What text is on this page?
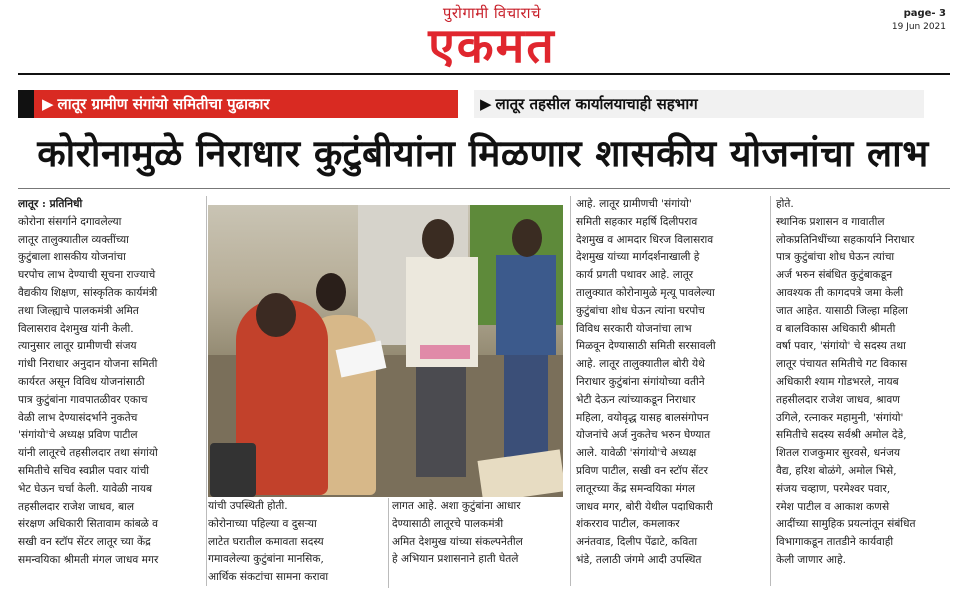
पुरोगामी विचाराचे
एकमत
page- 3
19 Jun 2021
▶ लातूर ग्रामीण संगांयो समितीचा पुढाकार	▶ लातूर तहसील कार्यालयाचाही सहभाग
कोरोनामुळे निराधार कुटुंबीयांना मिळणार शासकीय योजनांचा लाभ
लातूर : प्रतिनिधी
कोरोना संसर्गाने दगावलेल्या
लातूर तालुक्यातील व्यक्तींच्या
कुटुंबाला शासकीय योजनांचा
घरपोच लाभ देण्याची सूचना राज्याचे
वैद्यकीय शिक्षण, सांस्कृतिक कार्यमंत्री
तथा जिल्ह्याचे पालकमंत्री अमित
विलासराव देशमुख यांनी केली.
त्यानुसार लातूर ग्रामीणची संजय
गांधी निराधार अनुदान योजना समिती
कार्यरत असून विविध योजनांसाठी
पात्र कुटुंबांना गावपातळीवर एकाच
वेळी लाभ देण्यासंदर्भाने नुकतेच
'संगांयो'चे अध्यक्ष प्रविण पाटील
यांनी लातूरचे तहसीलदार तथा संगांयो
समितीचे सचिव स्वप्नील पवार यांची
भेट घेऊन चर्चा केली. यावेळी नायब
तहसीलदार राजेश जाधव, बाल
संरक्षण अधिकारी सितावाम कांबळे व
सखी वन स्टॉप सेंटर लातूर च्या केंद्र
समन्वयिका श्रीमती मंगल जाधव मगर
यांची उपस्थिती होती.
कोरोनाच्या पहिल्या व दुसऱ्या
लाटेत घरातील कमावता सदस्य
गमावलेल्या कुटुंबांना मानसिक,
आर्थिक संकटांचा सामना करावा
लागत आहे. अशा कुटुंबांना आधार
देण्यासाठी लातूरचे पालकमंत्री
अमित देशमुख यांच्या संकल्पनेतील
हे अभियान प्रशासनाने हाती घेतले
आहे. लातूर ग्रामीणची 'संगांयो'
समिती सहकार महर्षि दिलीपराव
देशमुख व आमदार धिरज विलासराव
देशमुख यांच्या मार्गदर्शनाखाली हे
कार्य प्रगती पथावर आहे. लातूर
तालुक्यात कोरोनामुळे मृत्यू पावलेल्या
कुटुंबांचा शोध घेऊन त्यांना घरपोच
विविध सरकारी योजनांचा लाभ
मिळवून देण्यासाठी समिती सरसावली
आहे. लातूर तालुक्यातील बोरी येथे
निराधार कुटुंबांना संगांयोच्या वतीने
भेटी देऊन त्यांच्याकडून निराधार
महिला, वयोवृद्ध यासह बालसंगोपन
योजनांचे अर्ज नुकतेच भरुन घेण्यात
आले. यावेळी 'संगांयो'चे अध्यक्ष
प्रविण पाटील, सखी वन स्टॉप सेंटर
लातूरच्या केंद्र समन्वयिका मंगल
जाधव मगर, बोरी येथील पदाधिकारी
शंकरराव पाटील, कमलाकर
अनंतवाड, दिलीप पेंढाटे, कविता
भंडे, तलाठी जंगमे आदी उपस्थित
होते.
स्थानिक प्रशासन व गावातील
लोकप्रतिनिधींच्या सहकार्याने निराधार
पात्र कुटुंबांचा शोध घेऊन त्यांचा
अर्ज भरुन संबंधित कुटुंबाकडून
आवश्यक ती कागदपत्रे जमा केली
जात आहेत. यासाठी जिल्हा महिला
व बालविकास अधिकारी श्रीमती
वर्षा पवार, 'संगांयो' चे सदस्य तथा
लातूर पंचायत समितीचे गट विकास
अधिकारी श्याम गोडभरले, नायब
तहसीलदार राजेश जाधव, श्रावण
उगिले, रत्नाकर महामुनी, 'संगांयो'
समितीचे सदस्य सर्वश्री अमोल देडे,
शितल राजकुमार सुरवसे, धनंजय
वैद्य, हरिश बोळंगे, अमोल भिसे,
संजय चव्हाण, परमेश्वर पवार,
रमेश पाटील व आकाश कणसे
आदींच्या सामुहिक प्रयत्नांतून संबंधित
विभागाकडून तातडीने कार्यवाही
केली जाणार आहे.
